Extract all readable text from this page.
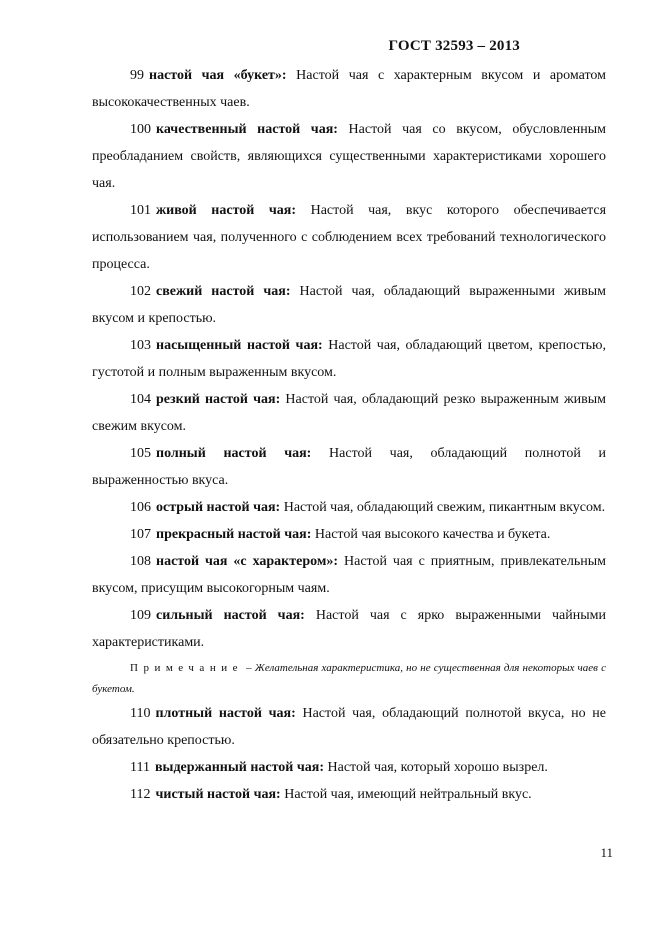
ГОСТ 32593 – 2013

99 настой чая «букет»: Настой чая с характерным вкусом и ароматом высококачественных чаев.

100 качественный настой чая: Настой чая со вкусом, обусловленным преобладанием свойств, являющихся существенными характеристиками хорошего чая.

101 живой настой чая: Настой чая, вкус которого обеспечивается использованием чая, полученного с соблюдением всех требований технологического процесса.

102 свежий настой чая: Настой чая, обладающий выраженными живым вкусом и крепостью.

103 насыщенный настой чая: Настой чая, обладающий цветом, крепостью, густотой и полным выраженным вкусом.

104 резкий настой чая: Настой чая, обладающий резко выраженным живым свежим вкусом.

105 полный настой чая: Настой чая, обладающий полнотой и выраженностью вкуса.

106 острый настой чая: Настой чая, обладающий свежим, пикантным вкусом.

107 прекрасный настой чая: Настой чая высокого качества и букета.

108 настой чая «с характером»: Настой чая с приятным, привлекательным вкусом, присущим высокогорным чаям.

109 сильный настой чая: Настой чая с ярко выраженными чайными характеристиками.

Примечание – Желательная характеристика, но не существенная для некоторых чаев с букетом.

110 плотный настой чая: Настой чая, обладающий полнотой вкуса, но не обязательно крепостью.

111 выдержанный настой чая: Настой чая, который хорошо вызрел.

112 чистый настой чая: Настой чая, имеющий нейтральный вкус.

11
